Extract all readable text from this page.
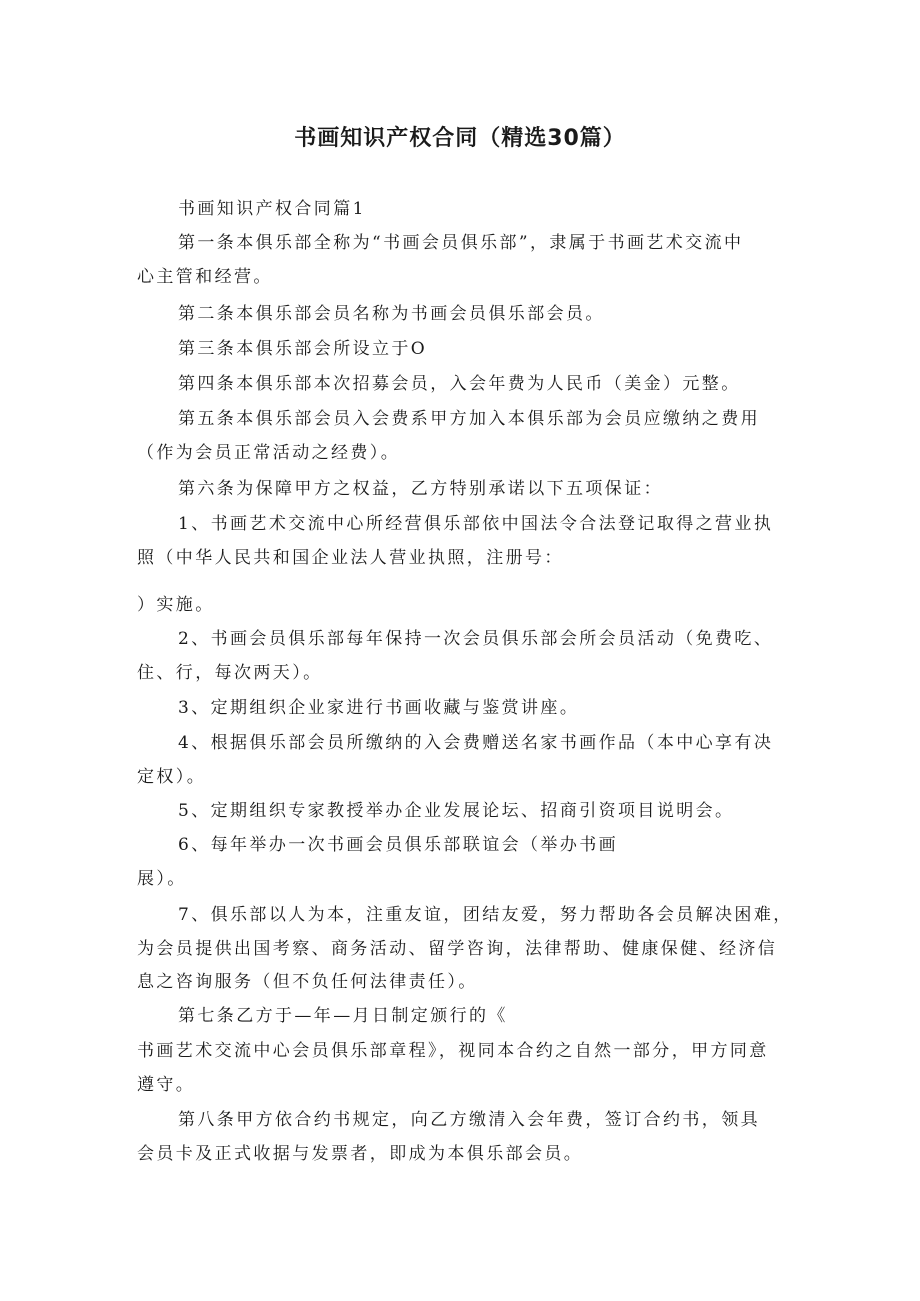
书画知识产权合同（精选30篇）
书画知识产权合同篇1
第一条本俱乐部全称为“书画会员俱乐部”，隶属于书画艺术交流中
心主管和经营。
第二条本俱乐部会员名称为书画会员俱乐部会员。
第三条本俱乐部会所设立于O
第四条本俱乐部本次招募会员，入会年费为人民币（美金）元整。
第五条本俱乐部会员入会费系甲方加入本俱乐部为会员应缴纳之费用
（作为会员正常活动之经费）。
第六条为保障甲方之权益，乙方特别承诺以下五项保证：
1、书画艺术交流中心所经营俱乐部依中国法令合法登记取得之营业执
照（中华人民共和国企业法人营业执照，注册号：
）实施。
2、书画会员俱乐部每年保持一次会员俱乐部会所会员活动（免费吃、
住、行，每次两天）。
3、定期组织企业家进行书画收藏与鉴赏讲座。
4、根据俱乐部会员所缴纳的入会费赠送名家书画作品（本中心享有决
定权）。
5、定期组织专家教授举办企业发展论坛、招商引资项目说明会。
6、每年举办一次书画会员俱乐部联谊会（举办书画
展）。
7、俱乐部以人为本，注重友谊，团结友爱，努力帮助各会员解决困难，
为会员提供出国考察、商务活动、留学咨询，法律帮助、健康保健、经济信
息之咨询服务（但不负任何法律责任）。
第七条乙方于—年—月日制定颁行的《
书画艺术交流中心会员俱乐部章程》，视同本合约之自然一部分，甲方同意
遵守。
第八条甲方依合约书规定，向乙方缴清入会年费，签订合约书，领具
会员卡及正式收据与发票者，即成为本俱乐部会员。
